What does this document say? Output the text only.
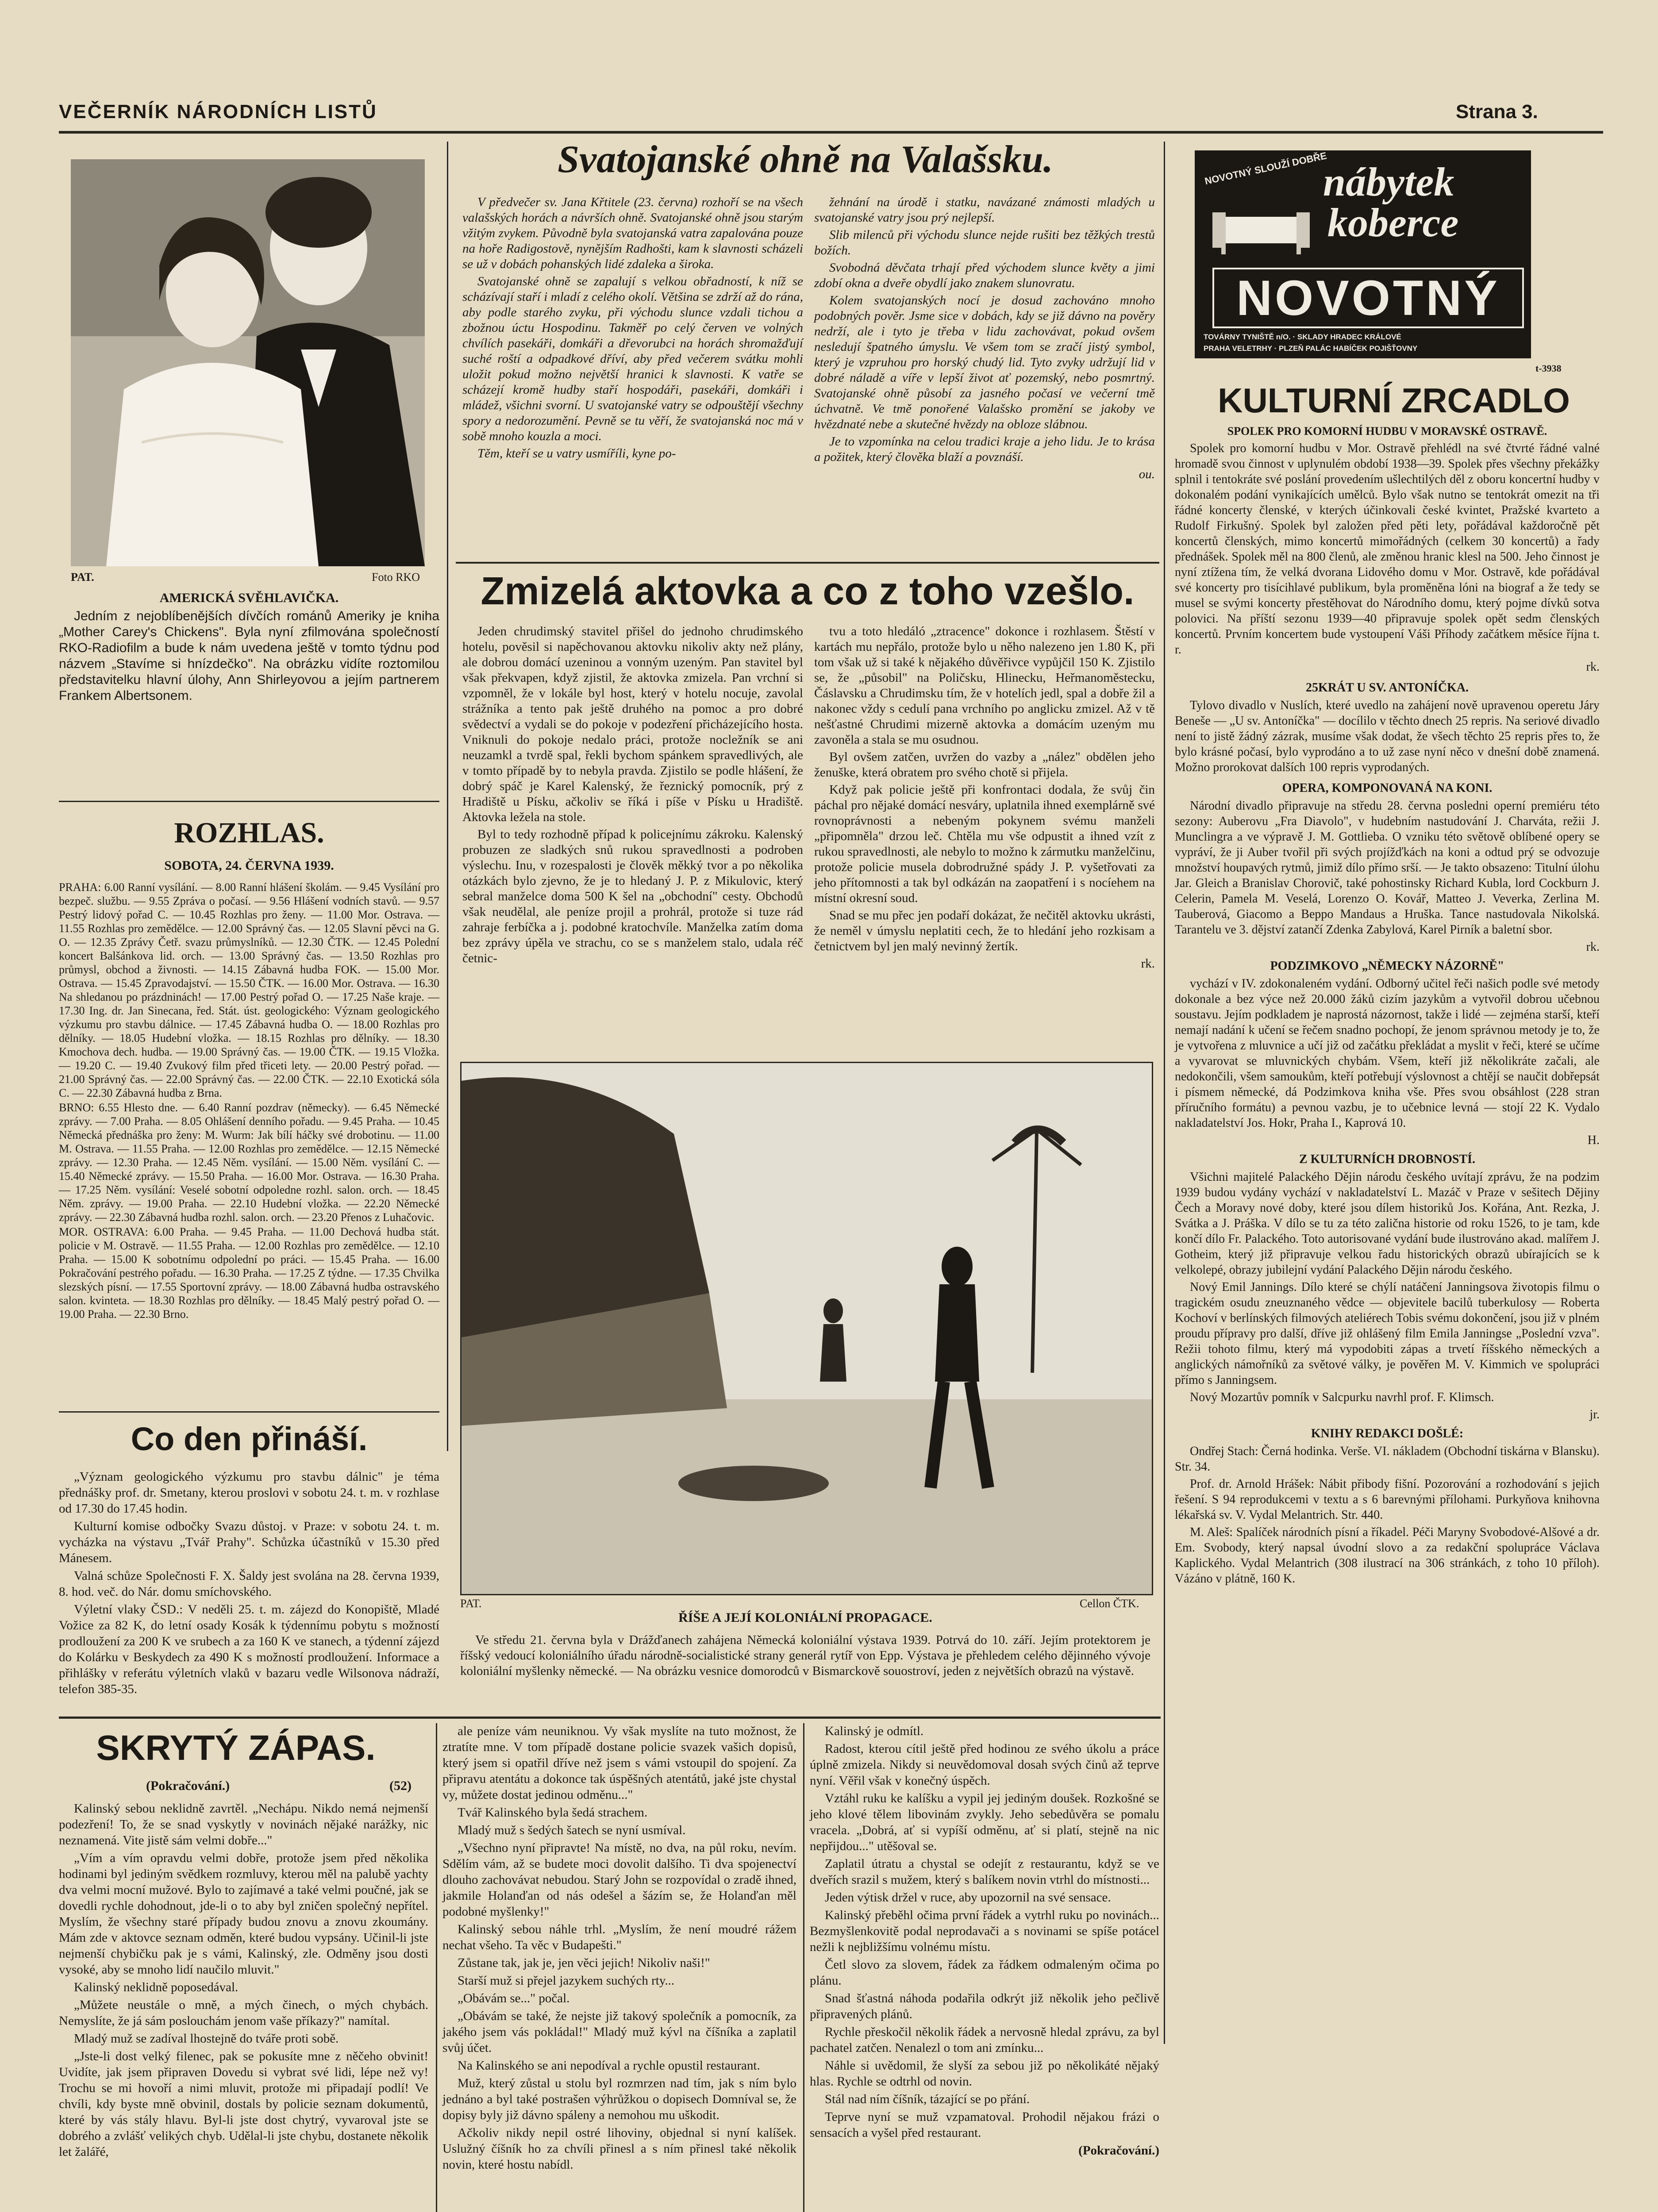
VEČERNÍK NÁRODNÍCH LISTŮ	Strana 3.
PAT.	Foto RKO
AMERICKÁ SVĚHLAVIČKA.
Jedním z nejoblíbenějších dívčích románů Ameriky je kniha „Mother Carey's Chickens". Byla nyní zfilmována společností RKO-Radiofilm a bude k nám uvedena ještě v tomto týdnu pod názvem „Stavíme si hnízdečko". Na obrázku vidíte roztomilou představitelku hlavní úlohy, Ann Shirleyovou a jejím partnerem Frankem Albertsonem.
ROZHLAS.
SOBOTA, 24. ČERVNA 1939.

PRAHA: 6.00 Ranní vysílání. — 8.00 Ranní hlášení školám. — 9.45 Vysílání pro bezpeč. službu. — 9.55 Zpráva o počasí. — 9.56 Hlášení vodních stavů. — 9.57 Pestrý lidový pořad C. — 10.45 Rozhlas pro ženy. — 11.00 Mor. Ostrava. — 11.55 Rozhlas pro zemědělce. — 12.00 Správný čas. — 12.05 Slavní pěvci na G. O. — 12.35 Zprávy Četř. svazu průmyslníků. — 12.30 ČTK. — 12.45 Polední koncert Balšánkova lid. orch. — 13.00 Správný čas. — 13.50 Rozhlas pro průmysl, obchod a živnosti. — 14.15 Zábavná hudba FOK. — 15.00 Mor. Ostrava. — 15.45 Zpravodajství. — 15.50 ČTK. — 16.00 Mor. Ostrava. — 16.30 Na shledanou po prázdninách! — 17.00 Pestrý pořad O. — 17.25 Naše kraje. — 17.30 Ing. dr. Jan Sinecana, řed. Stát. úst. geologického: Význam geologického výzkumu pro stavbu dálnice. — 17.45 Zábavná hudba O. — 18.00 Rozhlas pro dělníky. — 18.05 Hudební vložka. — 18.15 Rozhlas pro dělníky. — 18.30 Kmochova dech. hudba. — 19.00 Správný čas. — 19.00 ČTK. — 19.15 Vložka. — 19.20 C. — 19.40 Zvukový film před třiceti lety. — 20.00 Pestrý pořad. — 21.00 Správný čas. — 22.00 Správný čas. — 22.00 ČTK. — 22.10 Exotická sóla C. — 22.30 Zábavná hudba z Brna.

BRNO: 6.55 Hlesto dne. — 6.40 Ranní pozdrav (německy). — 6.45 Německé zprávy. — 7.00 Praha. — 8.05 Ohlášení denního pořadu. — 9.45 Praha. — 10.45 Německá přednáška pro ženy: M. Wurm: Jak bílí háčky své drobotinu. — 11.00 M. Ostrava. — 11.55 Praha. — 12.00 Rozhlas pro zemědělce. — 12.15 Německé zprávy. — 12.30 Praha. — 12.45 Něm. vysílání. — 15.00 Něm. vysílání C. — 15.40 Německé zprávy. — 15.50 Praha. — 16.00 Mor. Ostrava. — 16.30 Praha. — 17.25 Něm. vysílání: Veselé sobotní odpoledne rozhl. salon. orch. — 18.45 Něm. zprávy. — 19.00 Praha. — 22.10 Hudební vložka. — 22.20 Německé zprávy. — 22.30 Zábavná hudba rozhl. salon. orch. — 23.20 Přenos z Luhačovic.

MOR. OSTRAVA: 6.00 Praha. — 9.45 Praha. — 11.00 Dechová hudba stát. policie v M. Ostravě. — 11.55 Praha. — 12.00 Rozhlas pro zemědělce. — 12.10 Praha. — 15.00 K sobotnímu odpolední po práci. — 15.45 Praha. — 16.00 Pokračování pestrého pořadu. — 16.30 Praha. — 17.25 Z týdne. — 17.35 Chvilka slezských písní. — 17.55 Sportovní zprávy. — 18.00 Zábavná hudba ostravského salon. kvinteta. — 18.30 Rozhlas pro dělníky. — 18.45 Malý pestrý pořad O. — 19.00 Praha. — 22.30 Brno.

Co den přináší.

„Význam geologického výzkumu pro stavbu dálnic" je téma přednášky prof. dr. Smetany, kterou proslovi v sobotu 24. t. m. v rozhlase od 17.30 do 17.45 hodin.

Kulturní komise odbočky Svazu důstoj. v Praze: v sobotu 24. t. m. vycházka na výstavu „Tvář Prahy". Schůzka účastníků v 15.30 před Mánesem.

Valná schůze Společnosti F. X. Šaldy jest svolána na 28. června 1939, 8. hod. več. do Nár. domu smíchovského.

Výletní vlaky ČSD.: V neděli 25. t. m. zájezd do Konopiště, Mladé Vožice za 82 K, do letní osady Kosák k týdennímu pobytu s možností prodloužení za 200 K ve srubech a za 160 K ve stanech, a týdenní zájezd do Kolárku v Beskydech za 490 K s možností prodloužení. Informace a přihlášky v referátu výletních vlaků v bazaru vedle Wilsonova nádraží, telefon 385-35.

Svatojanské ohně na Valašsku.

V předvečer sv. Jana Křtitele (23. června) rozhoří se na všech valašských horách a návrších ohně. Svatojanské ohně jsou starým vžitým zvykem. Původně byla svatojanská vatra zapalována pouze na hoře Radigostově, nynějším Radhošti, kam k slavnosti scházeli se už v dobách pohanských lidé zdaleka a široka.

Svatojanské ohně se zapalují s velkou obřadností, k níž se scházívají staří i mladí z celého okolí. Většina se zdrží až do rána, aby podle starého zvyku, při východu slunce vzdali tichou a zbožnou úctu Hospodinu. Takměř po celý červen ve volných chvílích pasekáři, domkáři a dřevorubci na horách shromažďují suché roští a odpadkové dříví, aby před večerem svátku mohli uložit pokud možno největší hranici k slavnosti. K vatře se scházejí kromě hudby staří hospodáři, pasekáři, domkáři i mládež, všichni svorní. U svatojanské vatry se odpouštějí všechny spory a nedorozumění. Pevně se tu věří, že svatojanská noc má v sobě mnoho kouzla a moci.

Těm, kteří se u vatry usmíříli, kyne po-

žehnání na úrodě i statku, navázané známosti mladých u svatojanské vatry jsou prý nejlepší.

Slib milenců při východu slunce nejde rušiti bez těžkých trestů božích.

Svobodná děvčata trhají před východem slunce květy a jimi zdobí okna a dveře obydlí jako znakem slunovratu.

Kolem svatojanských nocí je dosud zachováno mnoho podobných pověr. Jsme sice v dobách, kdy se již dávno na pověry nedrží, ale i tyto je třeba v lidu zachovávat, pokud ovšem nesledují špatného úmyslu. Ve všem tom se zračí jistý symbol, který je vzpruhou pro horský chudý lid. Tyto zvyky udržují lid v dobré náladě a víře v lepší život ať pozemský, nebo posmrtný. Svatojanské ohně působí za jasného počasí ve večerní tmě úchvatně. Ve tmě ponořené Valašsko promění se jakoby ve hvězdnaté nebe a skutečné hvězdy na obloze slábnou.

Je to vzpomínka na celou tradici kraje a jeho lidu. Je to krása a požitek, který člověka blaží a povznáší.

ou.
NOVOTNÝ SLOUŽÍ DOBŘE
nábytek
koberce
NOVOTNÝ
TOVÁRNY TYNIŠTĚ n/O. · SKLADY HRADEC KRÁLOVÉ
PRAHA VELETRHY · PLZEŇ PALÁC HABÍČEK POJIŠŤOVNY
t-3938
KULTURNÍ ZRCADLO
SPOLEK PRO KOMORNÍ HUDBU V MORAVSKÉ OSTRAVĚ.

Spolek pro komorní hudbu v Mor. Ostravě přehlédl na své čtvrté řádné valné hromadě svou činnost v uplynulém období 1938—39. Spolek přes všechny překážky splnil i tentokráte své poslání provedením ušlechtilých děl z oboru koncertní hudby v dokonalém podání vynikajících umělců. Bylo však nutno se tentokrát omezit na tři řádné koncerty členské, v kterých účinkovali české kvintet, Pražské kvarteto a Rudolf Firkušný. Spolek byl založen před pěti lety, pořádával každoročně pět koncertů členských, mimo koncertů mimořádných (celkem 30 koncertů) a řady přednášek. Spolek měl na 800 členů, ale změnou hranic klesl na 500. Jeho činnost je nyní ztížena tím, že velká dvorana Lidového domu v Mor. Ostravě, kde pořádával své koncerty pro tisícihlavé publikum, byla proměněna lóni na biograf a že tedy se musel se svými koncerty přestěhovat do Národního domu, který pojme dívků sotva polovici. Na příští sezonu 1939—40 připravuje spolek opět sedm členských koncertů. Prvním koncertem bude vystoupení Váši Příhody začátkem měsíce října t. r.

rk.
25KRÁT U SV. ANTONÍČKA.

Tylovo divadlo v Nuslích, které uvedlo na zahájení nově upravenou operetu Járy Beneše — „U sv. Antoníčka" — docílilo v těchto dnech 25 repris. Na seriové divadlo není to jistě žádný zázrak, musíme však dodat, že všech těchto 25 repris přes to, že bylo krásné počasí, bylo vyprodáno a to už zase nyní něco v dnešní době znamená. Možno prorokovat dalších 100 repris vyprodaných.

OPERA, KOMPONOVANÁ NA KONI.

Národní divadlo připravuje na středu 28. června posledni operní premiéru této sezony: Auberovu „Fra Diavolo", v hudebním nastudování J. Charváta, režii J. Munclingra a ve výpravě J. M. Gottlieba. O vzniku této světově oblíbené opery se vypráví, že ji Auber tvořil při svých projížďkách na koni a odtud prý se odvozuje množství houpavých rytmů, jimiž dílo přímo srší. — Je takto obsazeno: Titulní úlohu Jar. Gleich a Branislav Chorovič, také pohostinsky Richard Kubla, lord Cockburn J. Celerin, Pamela M. Veselá, Lorenzo O. Kovář, Matteo J. Veverka, Zerlina M. Tauberová, Giacomo a Beppo Mandaus a Hruška. Tance nastudovala Nikolská. Tarantelu ve 3. dějství zatančí Zdenka Zabylová, Karel Pirník a baletní sbor.

rk.
PODZIMKOVO „NĚMECKY NÁZORNĚ"

vychází v IV. zdokonaleném vydání. Odborný učitel řeči našich podle své metody dokonale a bez výce než 20.000 žáků cizím jazykům a vytvořil dobrou učebnou soustavu. Jejím podkladem je naprostá názornost, takže i lidé — zejména starší, kteří nemají nadání k učení se řečem snadno pochopí, že jenom správnou metody je to, že je vytvořena z mluvnice a učí již od začátku překládat a myslit v řeči, které se učíme a vyvarovat se mluvnických chybám. Všem, kteří již několikráte začali, ale nedokončili, všem samoukům, kteří potřebují výslovnost a chtějí se naučit dobřepsát i písmem německé, dá Podzimkova kniha vše. Přes svou obsáhlost (228 stran příručního formátu) a pevnou vazbu, je to učebnice levná — stojí 22 K. Vydalo nakladatelství Jos. Hokr, Praha I., Kaprová 10.

H.
Z KULTURNÍCH DROBNOSTÍ.

Všichni majitelé Palackého Dějin národu českého uvítají zprávu, že na podzim 1939 budou vydány vychází v nakladatelství L. Mazáč v Praze v sešitech Dějiny Čech a Moravy nové doby, které jsou dílem historiků Jos. Kořána, Ant. Rezka, J. Svátka a J. Práška. V dílo se tu za této zalična historie od roku 1526, to je tam, kde končí dílo Fr. Palackého. Toto autorisované vydání bude ilustrováno akad. malířem J. Gotheim, který již připravuje velkou řadu historických obrazů ubírajících se k velkolepé, obrazy jubilejní vydání Palackého Dějin národu českého.

Nový Emil Jannings. Dílo které se chýlí natáčení Janningsova životopis filmu o tragickém osudu zneuznaného vědce — objevitele bacilů tuberkulosy — Roberta Kochoví v berlínských filmových ateliérech Tobis svému dokončení, jsou již v plném proudu přípravy pro další, dříve již ohlášený film Emila Janningse „Poslední vzva". Režii tohoto filmu, který má vypodobiti zápas a trvetí říšského německých a anglických námořníků za světové války, je pověřen M. V. Kimmich ve spolupráci přímo s Janningsem.

Nový Mozartův pomník v Salcpurku navrhl prof. F. Klimsch.

jr.
KNIHY REDAKCI DOŠLÉ:

Ondřej Stach: Černá hodinka. Verše. VI. nákladem (Obchodní tiskárna v Blansku). Str. 34.

Prof. dr. Arnold Hrášek: Nábit přibody fišní. Pozorování a rozhodování s jejich řešení. S 94 reprodukcemi v textu a s 6 barevnými přílohami. Purkyňova knihovna lékařská sv. V. Vydal Melantrich. Str. 440.

M. Aleš: Spalíček národních písní a říkadel. Péči Maryny Svobodové-Alšové a dr. Em. Svobody, který napsal úvodní slovo a za redakční spolupráce Václava Kaplického. Vydal Melantrich (308 ilustrací na 306 stránkách, z toho 10 příloh). Vázáno v plátně, 160 K.

Zmizelá aktovka a co z toho vzešlo.

Jeden chrudimský stavitel přišel do jednoho chrudimského hotelu, pověsil si napěchovanou aktovku nikoliv akty než plány, ale dobrou domácí uzeninou a vonným uzeným. Pan stavitel byl však překvapen, když zjistil, že aktovka zmizela. Pan vrchní si vzpomněl, že v lokále byl host, který v hotelu nocuje, zavolal strážníka a tento pak ještě druhého na pomoc a pro dobré svědectví a vydali se do pokoje v podezření přicházejícího hosta. Vniknuli do pokoje nedalo práci, protože nocležník se ani neuzamkl a tvrdě spal, řekli bychom spánkem spravedlivých, ale v tomto případě by to nebyla pravda. Zjistilo se podle hlášení, že dobrý spáč je Karel Kalenský, že řeznický pomocník, prý z Hradiště u Písku, ačkoliv se říká i píše v Písku u Hradiště. Aktovka ležela na stole.

Byl to tedy rozhodně případ k policejnímu zákroku. Kalenský probuzen ze sladkých snů rukou spravedlnosti a podroben výslechu. Inu, v rozespalosti je člověk měkký tvor a po několika otázkách bylo zjevno, že je to hledaný J. P. z Mikulovic, který sebral manželce doma 500 K šel na „obchodní" cesty. Obchodů však neudělal, ale peníze projil a prohrál, protože si tuze rád zahraje ferbíčka a j. podobné kratochvíle. Manželka zatím doma bez zprávy úpěla ve strachu, co se s manželem stalo, udala réč četnic-

tvu a toto hledáló „ztracence" dokonce i rozhlasem. Štěstí v kartách mu nepřálo, protože bylo u něho nalezeno jen 1.80 K, při tom však už si také k nějakého důvěřivce vypůjčil 150 K. Zjistilo se, že „působil" na Poličsku, Hlinecku, Heřmanoměstecku, Čáslavsku a Chrudimsku tím, že v hotelích jedl, spal a dobře žil a nakonec vždy s cedulí pana vrchního po anglicku zmizel. Až v tě nešťastné Chrudimi mizerně aktovka a domácím uzeným mu zavoněla a stala se mu osudnou.

Byl ovšem zatčen, uvržen do vazby a „nález" obdělen jeho ženuške, která obratem pro svého chotě si přijela.

Když pak policie ještě při konfrontaci dodala, že svůj čin páchal pro nějaké domácí nesváry, uplatnila ihned exemplárně své rovnoprávnosti a nebeným pokynem svému manželi „připomněla" drzou leč. Chtěla mu vše odpustit a ihned vzít z rukou spravedlnosti, ale nebylo to možno k zármutku manželčinu, protože policie musela dobrodružné spády J. P. vyšetřovati za jeho přítomnosti a tak byl odkázán na zaopatření i s nocíehem na místní okresní soud.

Snad se mu přec jen podaří dokázat, že nečitěl aktovku ukrásti, že neměl v úmyslu neplatiti cech, že to hledání jeho rozkisam a četnictvem byl jen malý nevinný žertík.

rk.
PAT.	Cellon ČTK.
ŘÍŠE A JEJÍ KOLONIÁLNÍ PROPAGACE.
Ve středu 21. června byla v Drážďanech zahájena Německá koloniální výstava 1939. Potrvá do 10. září. Jejím protektorem je říšský vedoucí koloniálního úřadu národně-socialistické strany generál rytíř von Epp. Výstava je přehledem celého dějinného vývoje koloniální myšlenky německé. — Na obrázku vesnice domorodců v Bismarckově souostroví, jeden z největších obrazů na výstavě.
SKRYTÝ ZÁPAS.
(Pokračování.)	(52)

Kalinský sebou neklidně zavrtěl. „Nechápu. Nikdo nemá nejmenší podezření! To, že se snad vyskytly v novinách nějaké narážky, nic neznamená. Vite jistě sám velmi dobře..."

„Vím a vím opravdu velmi dobře, protože jsem před několika hodinami byl jediným svědkem rozmluvy, kterou měl na palubě yachty dva velmi mocní mužové. Bylo to zajímavé a také velmi poučné, jak se dovedli rychle dohodnout, jde-li o to aby byl zničen společný nepřítel. Myslím, že všechny staré případy budou znovu a znovu zkoumány. Mám zde v aktovce seznam odměn, které budou vypsány. Učinil-li jste nejmenší chybičku pak je s vámi, Kalinský, zle. Odměny jsou dosti vysoké, aby se mnoho lidí naučilo mluvit."

Kalinský neklidně poposedával.

„Můžete neustále o mně, a mých činech, o mých chybách. Nemyslíte, že já sám poslouchám jenom vaše příkazy?" namítal.

Mladý muž se zadíval lhostejně do tváře proti sobě.

„Jste-li dost velký filenec, pak se pokusíte mne z něčeho obvinit! Uvidíte, jak jsem připraven Dovedu si vybrat své lidi, lépe než vy! Trochu se mi hovoří a nimi mluvit, protože mi připadají podlí! Ve chvíli, kdy byste mně obvinil, dostals by policie seznam dokumentů, které by vás stály hlavu. Byl-li jste dost chytrý, vyvaroval jste se dobrého a zvlášť velikých chyb. Udělal-li jste chybu, dostanete několik let žalářé,

ale peníze vám neuniknou. Vy však myslíte na tuto možnost, že ztratíte mne. V tom případě dostane policie svazek vašich dopisů, který jsem si opatřil dříve než jsem s vámi vstoupil do spojení. Za připravu atentátu a dokonce tak úspěšných atentátů, jaké jste chystal vy, můžete dostat jedinou odměnu..."

Tvář Kalinského byla šedá strachem.

Mladý muž s šedých šatech se nyní usmíval.

„Všechno nyní připravte! Na místě, no dva, na půl roku, nevím. Sdělím vám, až se budete moci dovolit dalšího. Ti dva spojenectví dlouho zachovávat nebudou. Starý John se rozpovídal o zradě ihned, jakmile Holanďan od nás odešel a šázím se, že Holanďan měl podobné myšlenky!"

Kalinský sebou náhle trhl. „Myslím, že není moudré rážem nechat všeho. Ta věc v Budapešti."

Zůstane tak, jak je, jen věci jejich! Nikoliv naši!"

Starší muž si přejel jazykem suchých rty...

„Obávám se..." počal.

„Obávám se také, že nejste již takový společník a pomocník, za jakého jsem vás pokládal!" Mladý muž kývl na číšníka a zaplatil svůj účet.

Na Kalinského se ani nepodíval a rychle opustil restaurant.

Muž, který zůstal u stolu byl rozmrzen nad tím, jak s ním bylo jednáno a byl také postrašen výhrůžkou o dopisech Domníval se, že dopisy byly již dávno spáleny a nemohou mu uškodit.

Ačkoliv nikdy nepil ostré lihoviny, objednal si nyní kalíšek. Uslužný číšník ho za chvíli přinesl a s ním přinesl také několik novin, které hostu nabídl.

Kalinský je odmítl.

Radost, kterou cítil ještě před hodinou ze svého úkolu a práce úplně zmizela. Nikdy si neuvědomoval dosah svých činů až teprve nyní. Věřil však v konečný úspěch.

Vztáhl ruku ke kalíšku a vypil jej jediným doušek. Rozkošné se jeho klové tělem libovinám zvykly. Jeho sebedůvěra se pomalu vracela. „Dobrá, ať si vypíší odměnu, ať si platí, stejně na nic nepřijdou..." utěšoval se.

Zaplatil útratu a chystal se odejít z restaurantu, když se ve dveřích srazil s mužem, který s balíkem novin vtrhl do místnosti...

Jeden výtisk držel v ruce, aby upozornil na své sensace.

Kalinský přeběhl očima první řádek a vytrhl ruku po novinách... Bezmyšlenkovitě podal neprodavači a s novinami se spíše potácel nežli k nejbližšímu volnému místu.

Četl slovo za slovem, řádek za řádkem odmaleným očima po plánu.

Snad šťastná náhoda podařila odkrýt již několik jeho pečlivě připravených plánů.

Rychle přeskočil několik řádek a nervosně hledal zprávu, za byl pachatel zatčen. Nenalezl o tom ani zmínku...

Náhle si uvědomil, že slyší za sebou již po několikáté nějaký hlas. Rychle se odtrhl od novin.

Stál nad ním číšník, tázající se po přání.

Teprve nyní se muž vzpamatoval. Prohodil nějakou frázi o sensacích a vyšel před restaurant.

(Pokračování.)
